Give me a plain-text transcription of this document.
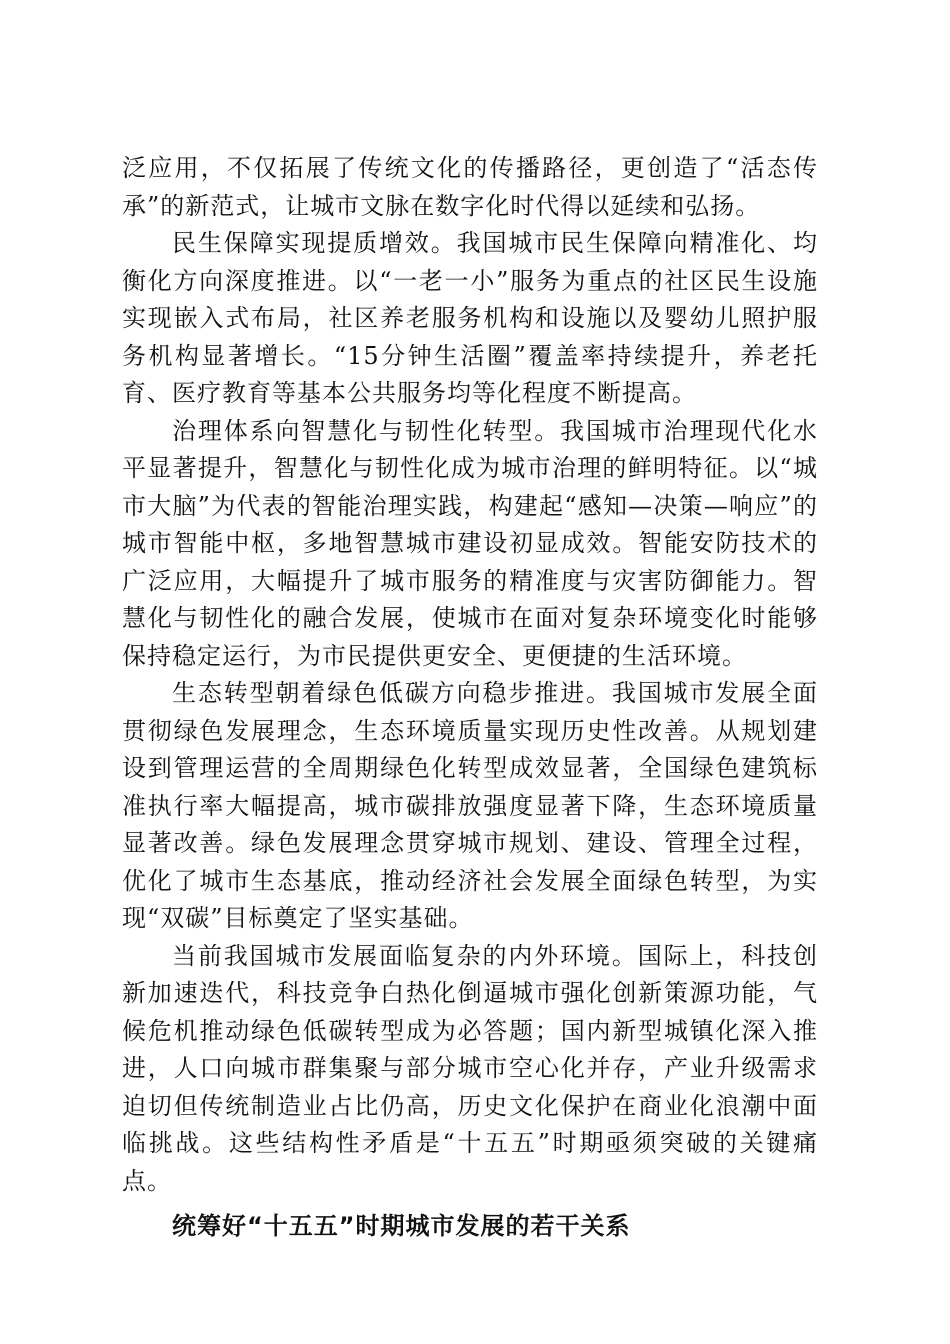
泛应用，不仅拓展了传统文化的传播路径，更创造了“活态传承”的新范式，让城市文脉在数字化时代得以延续和弘扬。

民生保障实现提质增效。我国城市民生保障向精准化、均衡化方向深度推进。以“一老一小”服务为重点的社区民生设施实现嵌入式布局，社区养老服务机构和设施以及婴幼儿照护服务机构显著增长。“15分钟生活圈”覆盖率持续提升，养老托育、医疗教育等基本公共服务均等化程度不断提高。

治理体系向智慧化与韧性化转型。我国城市治理现代化水平显著提升，智慧化与韧性化成为城市治理的鲜明特征。以“城市大脑”为代表的智能治理实践，构建起“感知—决策—响应”的城市智能中枢，多地智慧城市建设初显成效。智能安防技术的广泛应用，大幅提升了城市服务的精准度与灾害防御能力。智慧化与韧性化的融合发展，使城市在面对复杂环境变化时能够保持稳定运行，为市民提供更安全、更便捷的生活环境。

生态转型朝着绿色低碳方向稳步推进。我国城市发展全面贯彻绿色发展理念，生态环境质量实现历史性改善。从规划建设到管理运营的全周期绿色化转型成效显著，全国绿色建筑标准执行率大幅提高，城市碳排放强度显著下降，生态环境质量显著改善。绿色发展理念贯穿城市规划、建设、管理全过程，优化了城市生态基底，推动经济社会发展全面绿色转型，为实现“双碳”目标奠定了坚实基础。

当前我国城市发展面临复杂的内外环境。国际上，科技创新加速迭代，科技竞争白热化倒逼城市强化创新策源功能，气候危机推动绿色低碳转型成为必答题；国内新型城镇化深入推进，人口向城市群集聚与部分城市空心化并存，产业升级需求迫切但传统制造业占比仍高，历史文化保护在商业化浪潮中面临挑战。这些结构性矛盾是“十五五”时期亟须突破的关键痛点。

统筹好“十五五”时期城市发展的若干关系
